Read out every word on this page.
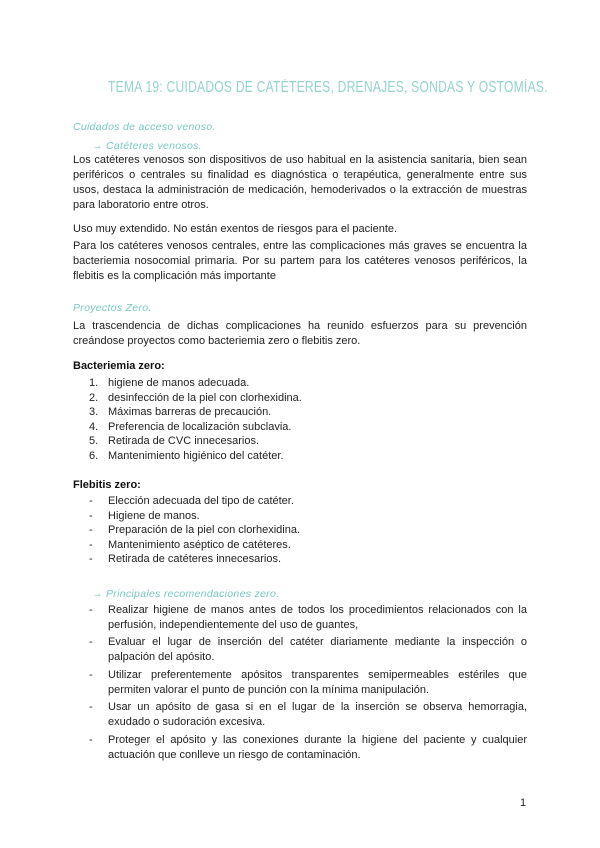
TEMA 19: CUIDADOS DE CATÉTERES, DRENAJES, SONDAS Y OSTOMÍAS.
Cuidados de acceso venoso.
→ Catéteres venosos.
Los catéteres venosos son dispositivos de uso habitual en la asistencia sanitaria, bien sean periféricos o centrales su finalidad es diagnóstica o terapéutica, generalmente entre sus usos, destaca la administración de medicación, hemoderivados o la extracción de muestras para laboratorio entre otros.
Uso muy extendido. No están exentos de riesgos para el paciente.
Para los catéteres venosos centrales, entre las complicaciones más graves se encuentra la bacteriemia nosocomial primaria. Por su partem para los catéteres venosos periféricos, la flebitis es la complicación más importante
Proyectos Zero.
La trascendencia de dichas complicaciones ha reunido esfuerzos para su prevención creándose proyectos como bacteriemia zero o flebitis zero.
Bacteriemia zero:
1. higiene de manos adecuada.
2. desinfección de la piel con clorhexidina.
3. Máximas barreras de precaución.
4. Preferencia de localización subclavia.
5. Retirada de CVC innecesarios.
6. Mantenimiento higiénico del catéter.
Flebitis zero:
-	Elección adecuada del tipo de catéter.
-	Higiene de manos.
-	Preparación de la piel con clorhexidina.
-	Mantenimiento aséptico de catéteres.
-	Retirada de catéteres innecesarios.
→ Principales recomendaciones zero.
- Realizar higiene de manos antes de todos los procedimientos relacionados con la perfusión, independientemente del uso de guantes,
- Evaluar el lugar de inserción del catéter diariamente mediante la inspección o palpación del apósito.
- Utilizar preferentemente apósitos transparentes semipermeables estériles que permiten valorar el punto de punción con la mínima manipulación.
- Usar un apósito de gasa si en el lugar de la inserción se observa hemorragia, exudado o sudoración excesiva.
- Proteger el apósito y las conexiones durante la higiene del paciente y cualquier actuación que conlleve un riesgo de contaminación.
1
